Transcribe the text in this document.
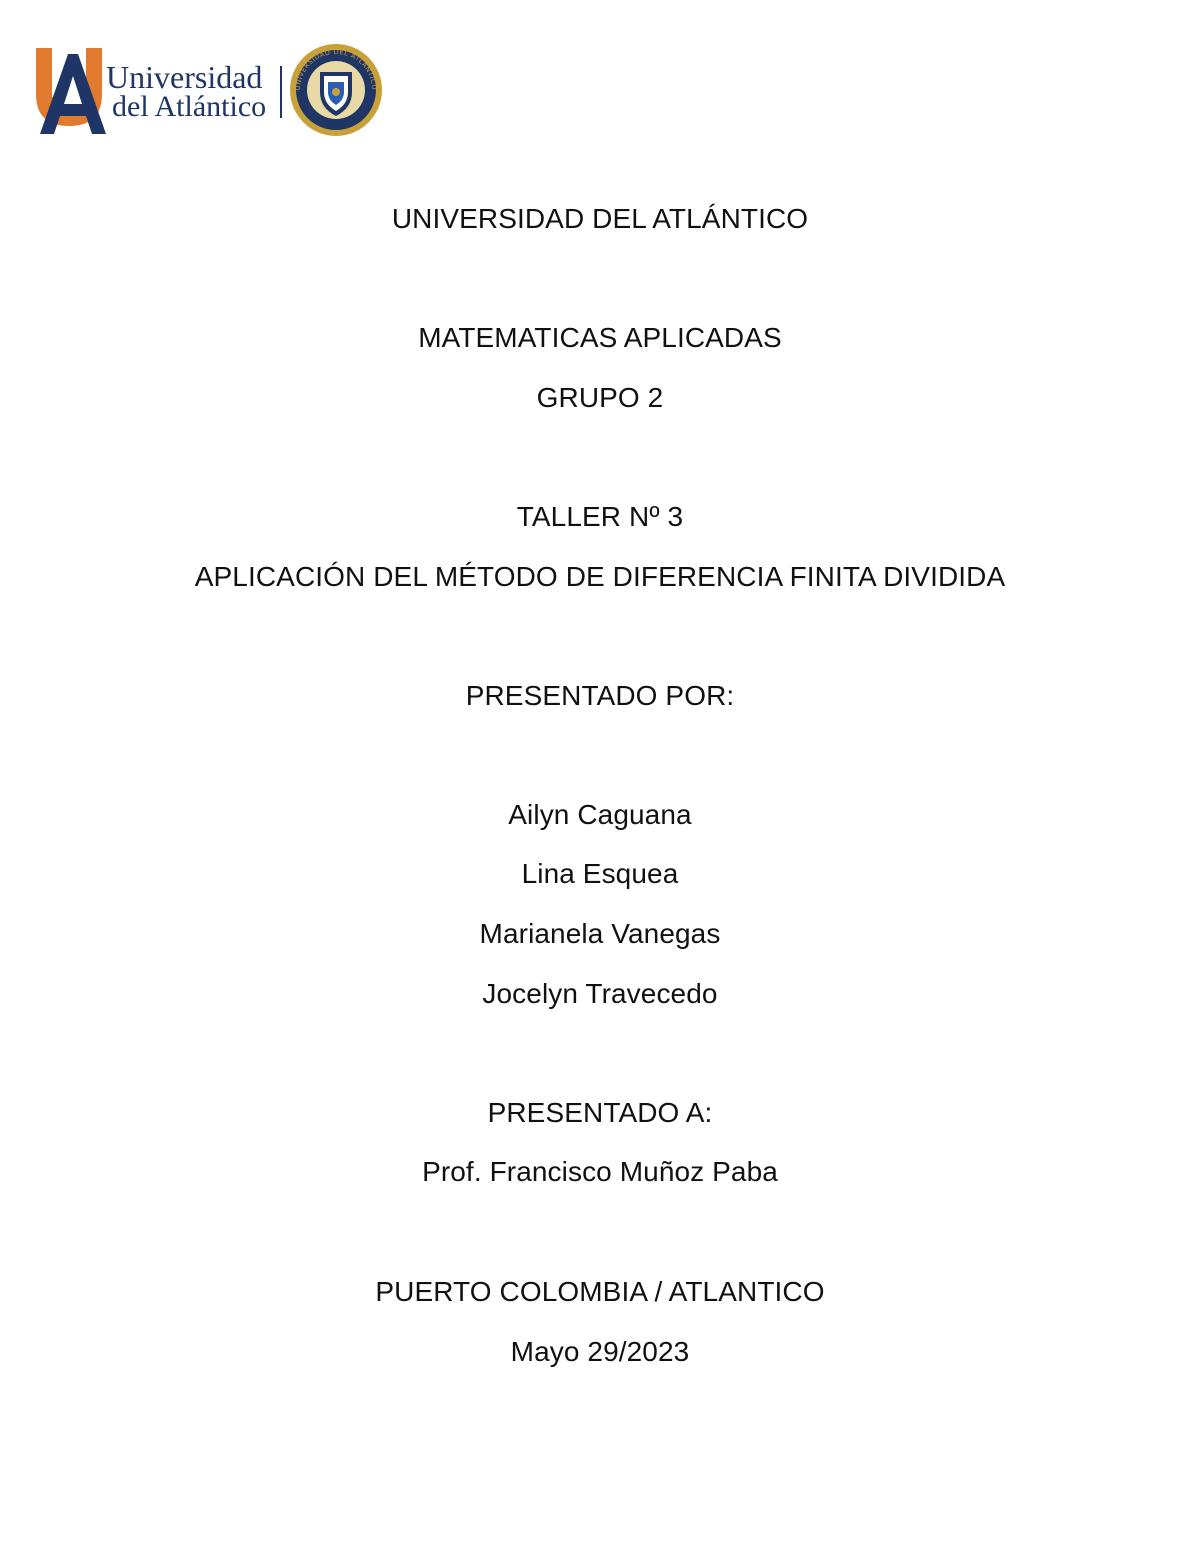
Universidad
del Atlántico
UNIVERSIDAD DEL ATLÁNTICO
UNIVERSIDAD DEL ATLÁNTICO
MATEMATICAS APLICADAS
GRUPO 2
TALLER Nº 3
APLICACIÓN DEL MÉTODO DE DIFERENCIA FINITA DIVIDIDA
PRESENTADO POR:
Ailyn Caguana
Lina Esquea
Marianela Vanegas
Jocelyn Travecedo
PRESENTADO A:
Prof. Francisco Muñoz Paba
PUERTO COLOMBIA / ATLANTICO
Mayo 29/2023
